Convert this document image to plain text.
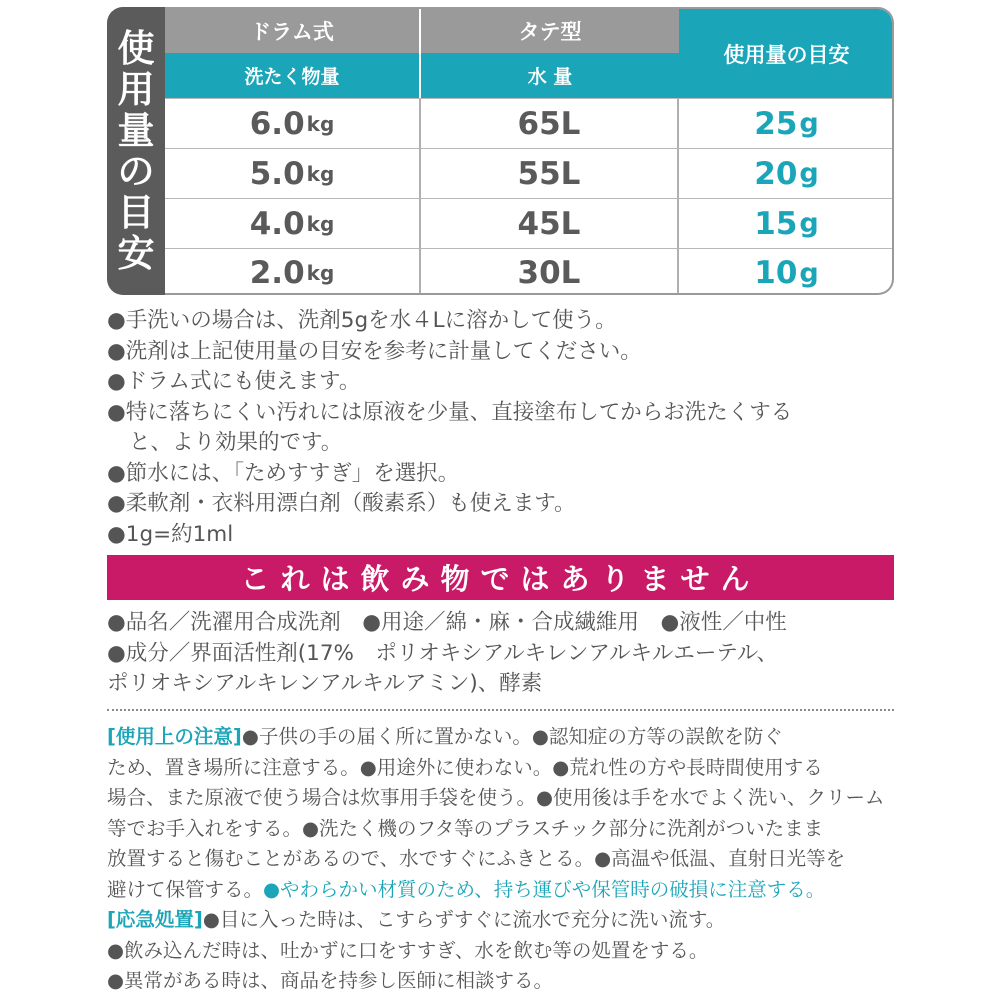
使
用
量
の
目
安
ドラム式	タテ型
使用量の目安
洗たく物量	水 量
6.0 kg	65L	25 g
5.0 kg	55L	20 g
4.0 kg	45L	15 g
2.0 kg	30L	10 g
●手洗いの場合は、洗剤5gを水４Lに溶かして使う。
●洗剤は上記使用量の目安を参考に計量してください。
●ドラム式にも使えます。
●特に落ちにくい汚れには原液を少量、直接塗布してからお洗たくする
と、より効果的です。
●節水には、「ためすすぎ」を選択。
●柔軟剤・衣料用漂白剤（酸素系）も使えます。
●1g=約1ml
これは飲み物ではありません
●品名／洗濯用合成洗剤　●用途／綿・麻・合成繊維用　●液性／中性
●成分／界面活性剤(17%　ポリオキシアルキレンアルキルエーテル、
ポリオキシアルキレンアルキルアミン)、酵素
[使用上の注意]●子供の手の届く所に置かない。●認知症の方等の誤飲を防ぐ
ため、置き場所に注意する。●用途外に使わない。●荒れ性の方や長時間使用する
場合、また原液で使う場合は炊事用手袋を使う。●使用後は手を水でよく洗い、クリーム
等でお手入れをする。●洗たく機のフタ等のプラスチック部分に洗剤がついたまま
放置すると傷むことがあるので、水ですぐにふきとる。●高温や低温、直射日光等を
避けて保管する。●やわらかい材質のため、持ち運びや保管時の破損に注意する。
[応急処置]●目に入った時は、こすらずすぐに流水で充分に洗い流す。
●飲み込んだ時は、吐かずに口をすすぎ、水を飲む等の処置をする。
●異常がある時は、商品を持参し医師に相談する。
